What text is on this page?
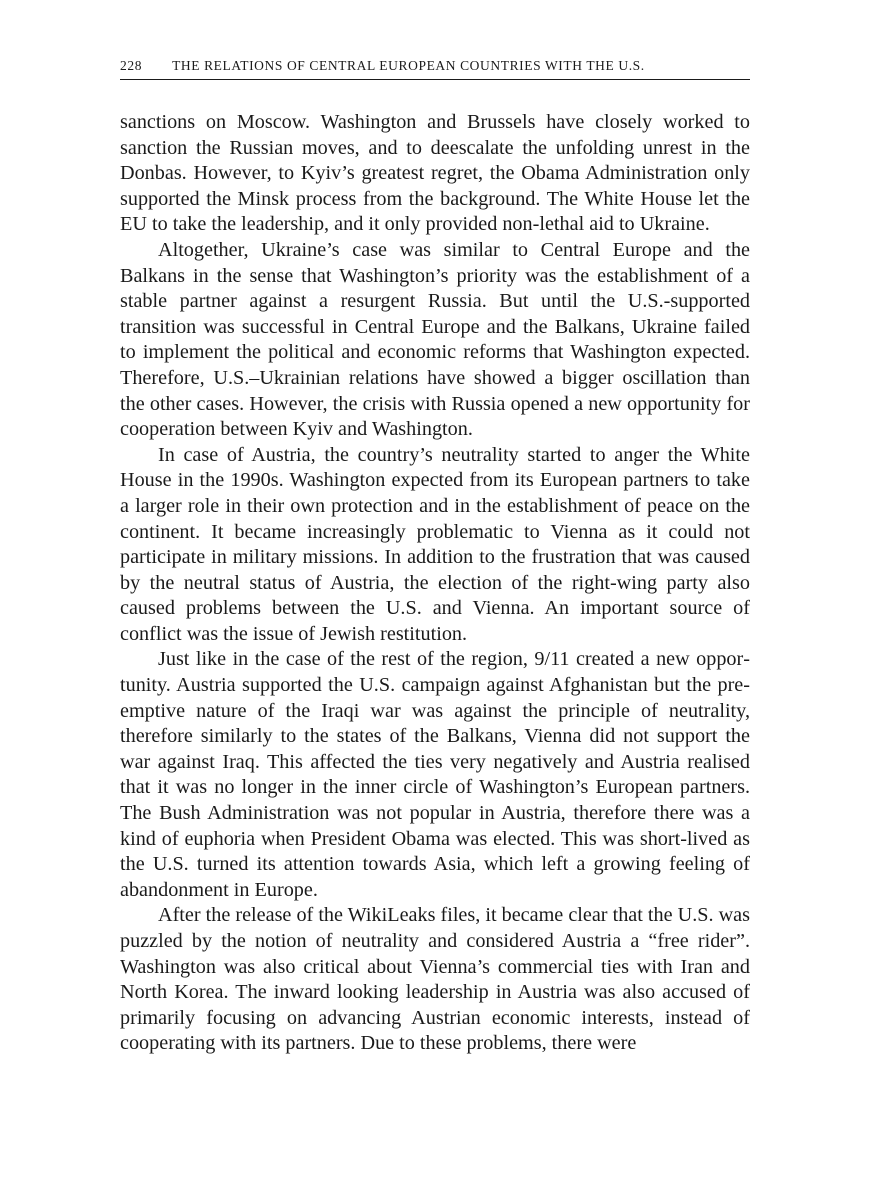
228 THE RELATIONS OF CENTRAL EUROPEAN COUNTRIES WITH THE U.S.

sanctions on Moscow. Washington and Brussels have closely worked to sanction the Russian moves, and to deescalate the unfolding unrest in the Donbas. However, to Kyiv’s greatest regret, the Obama Administration only supported the Minsk process from the background. The White House let the EU to take the leadership, and it only provided non-lethal aid to Ukraine.

Altogether, Ukraine’s case was similar to Central Europe and the Balkans in the sense that Washington’s priority was the establishment of a stable partner against a resurgent Russia. But until the U.S.-supported transition was successful in Central Europe and the Balkans, Ukraine failed to implement the political and economic reforms that Washington expected. Therefore, U.S.–Ukrainian relations have showed a bigger oscillation than the other cases. However, the crisis with Russia opened a new opportunity for cooperation between Kyiv and Washington.

In case of Austria, the country’s neutrality started to anger the White House in the 1990s. Washington expected from its European partners to take a larger role in their own protection and in the establishment of peace on the continent. It became increasingly problematic to Vienna as it could not participate in military missions. In addition to the frustration that was caused by the neutral status of Austria, the election of the right-wing party also caused problems between the U.S. and Vienna. An important source of conflict was the issue of Jewish restitution.

Just like in the case of the rest of the region, 9/11 created a new opportunity. Austria supported the U.S. campaign against Afghanistan but the pre-emptive nature of the Iraqi war was against the principle of neutrality, therefore similarly to the states of the Balkans, Vienna did not support the war against Iraq. This affected the ties very negatively and Austria realised that it was no longer in the inner circle of Washington’s European partners. The Bush Administration was not popular in Austria, therefore there was a kind of euphoria when President Obama was elected. This was short-lived as the U.S. turned its attention towards Asia, which left a growing feeling of abandonment in Europe.

After the release of the WikiLeaks files, it became clear that the U.S. was puzzled by the notion of neutrality and considered Austria a “free rider”. Washington was also critical about Vienna’s commercial ties with Iran and North Korea. The inward looking leadership in Austria was also accused of primarily focusing on advancing Austrian economic interests, instead of cooperating with its partners. Due to these problems, there were
